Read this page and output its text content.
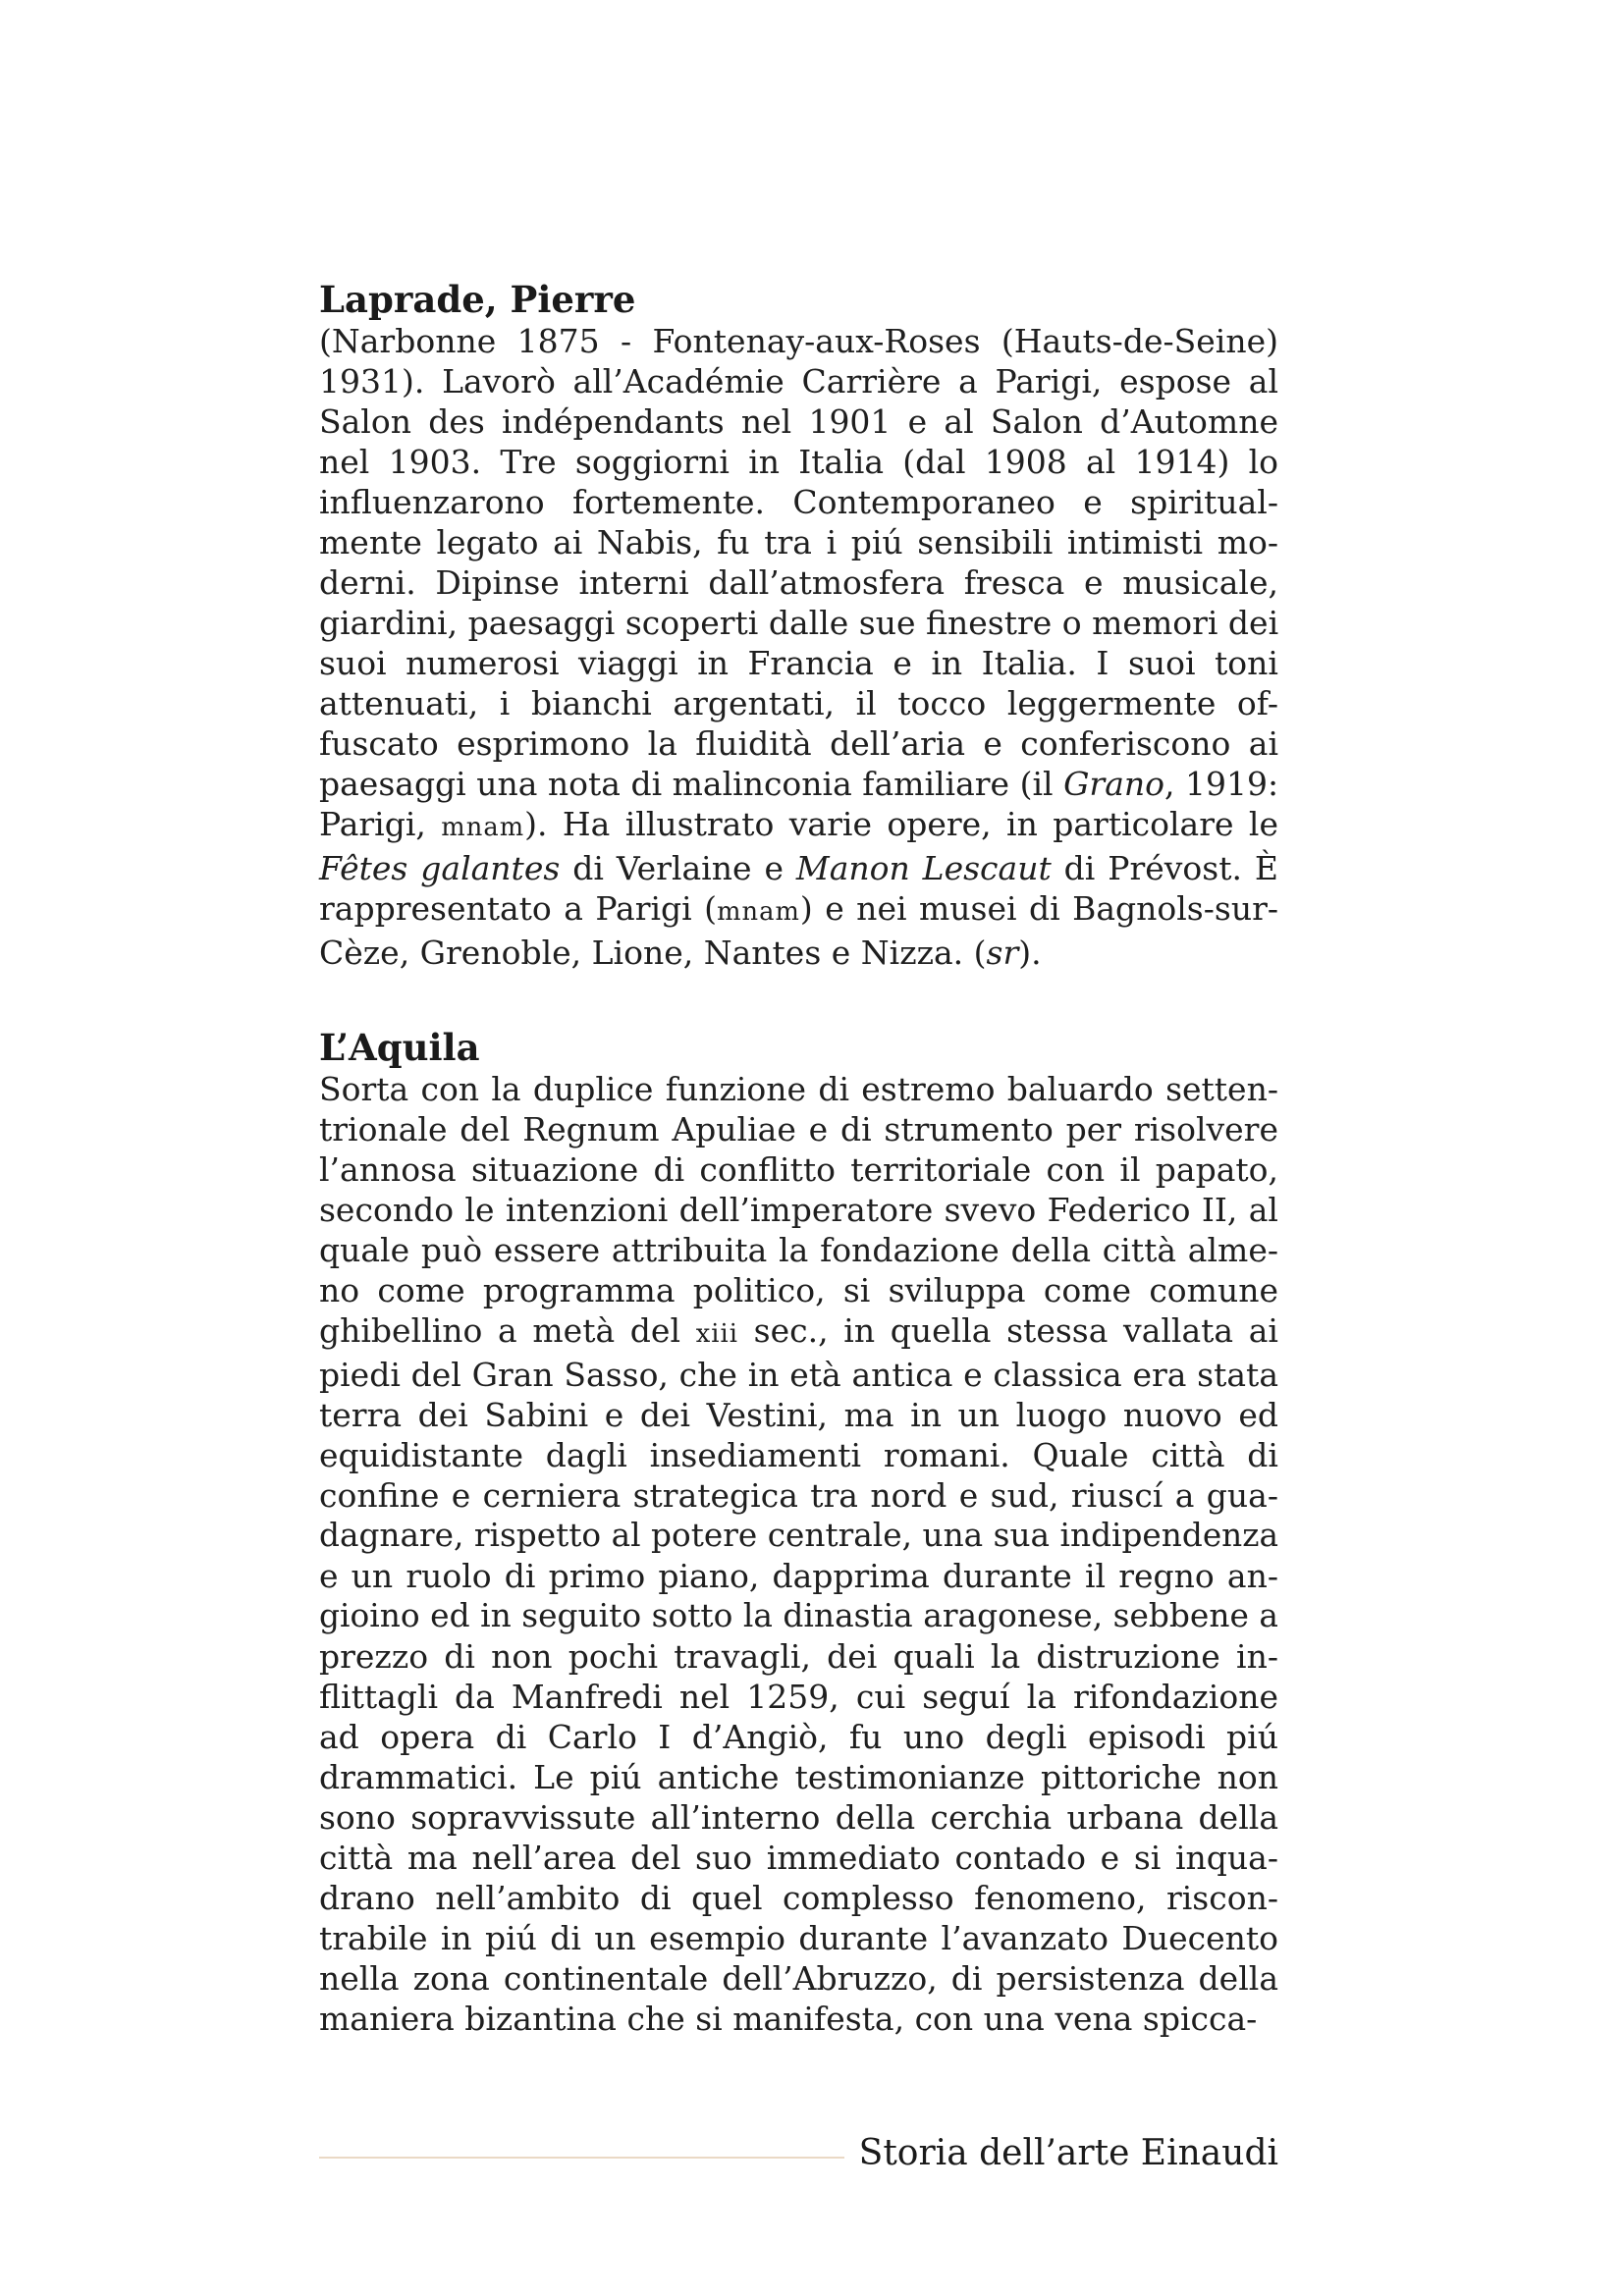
Laprade, Pierre
(Narbonne 1875 - Fontenay-aux-Roses (Hauts-de-Seine)
1931). Lavorò all’Académie Carrière a Parigi, espose al
Salon des indépendants nel 1901 e al Salon d’Automne
nel 1903. Tre soggiorni in Italia (dal 1908 al 1914) lo
influenzarono fortemente. Contemporaneo e spiritual-
mente legato ai Nabis, fu tra i piú sensibili intimisti mo-
derni. Dipinse interni dall’atmosfera fresca e musicale,
giardini, paesaggi scoperti dalle sue finestre o memori dei
suoi numerosi viaggi in Francia e in Italia. I suoi toni
attenuati, i bianchi argentati, il tocco leggermente of-
fuscato esprimono la fluidità dell’aria e conferiscono ai
paesaggi una nota di malinconia familiare (il Grano, 1919:
Parigi, mnam). Ha illustrato varie opere, in particolare le
Fêtes galantes di Verlaine e Manon Lescaut di Prévost. È
rappresentato a Parigi (mnam) e nei musei di Bagnols-sur-
Cèze, Grenoble, Lione, Nantes e Nizza. (sr).
L’Aquila
Sorta con la duplice funzione di estremo baluardo setten-
trionale del Regnum Apuliae e di strumento per risolvere
l’annosa situazione di conflitto territoriale con il papato,
secondo le intenzioni dell’imperatore svevo Federico II, al
quale può essere attribuita la fondazione della città alme-
no come programma politico, si sviluppa come comune
ghibellino a metà del xiii sec., in quella stessa vallata ai
piedi del Gran Sasso, che in età antica e classica era stata
terra dei Sabini e dei Vestini, ma in un luogo nuovo ed
equidistante dagli insediamenti romani. Quale città di
confine e cerniera strategica tra nord e sud, riuscí a gua-
dagnare, rispetto al potere centrale, una sua indipendenza
e un ruolo di primo piano, dapprima durante il regno an-
gioino ed in seguito sotto la dinastia aragonese, sebbene a
prezzo di non pochi travagli, dei quali la distruzione in-
flittagli da Manfredi nel 1259, cui seguí la rifondazione
ad opera di Carlo I d’Angiò, fu uno degli episodi piú
drammatici. Le piú antiche testimonianze pittoriche non
sono sopravvissute all’interno della cerchia urbana della
città ma nell’area del suo immediato contado e si inqua-
drano nell’ambito di quel complesso fenomeno, riscon-
trabile in piú di un esempio durante l’avanzato Duecento
nella zona continentale dell’Abruzzo, di persistenza della
maniera bizantina che si manifesta, con una vena spicca-
Storia dell’arte Einaudi
